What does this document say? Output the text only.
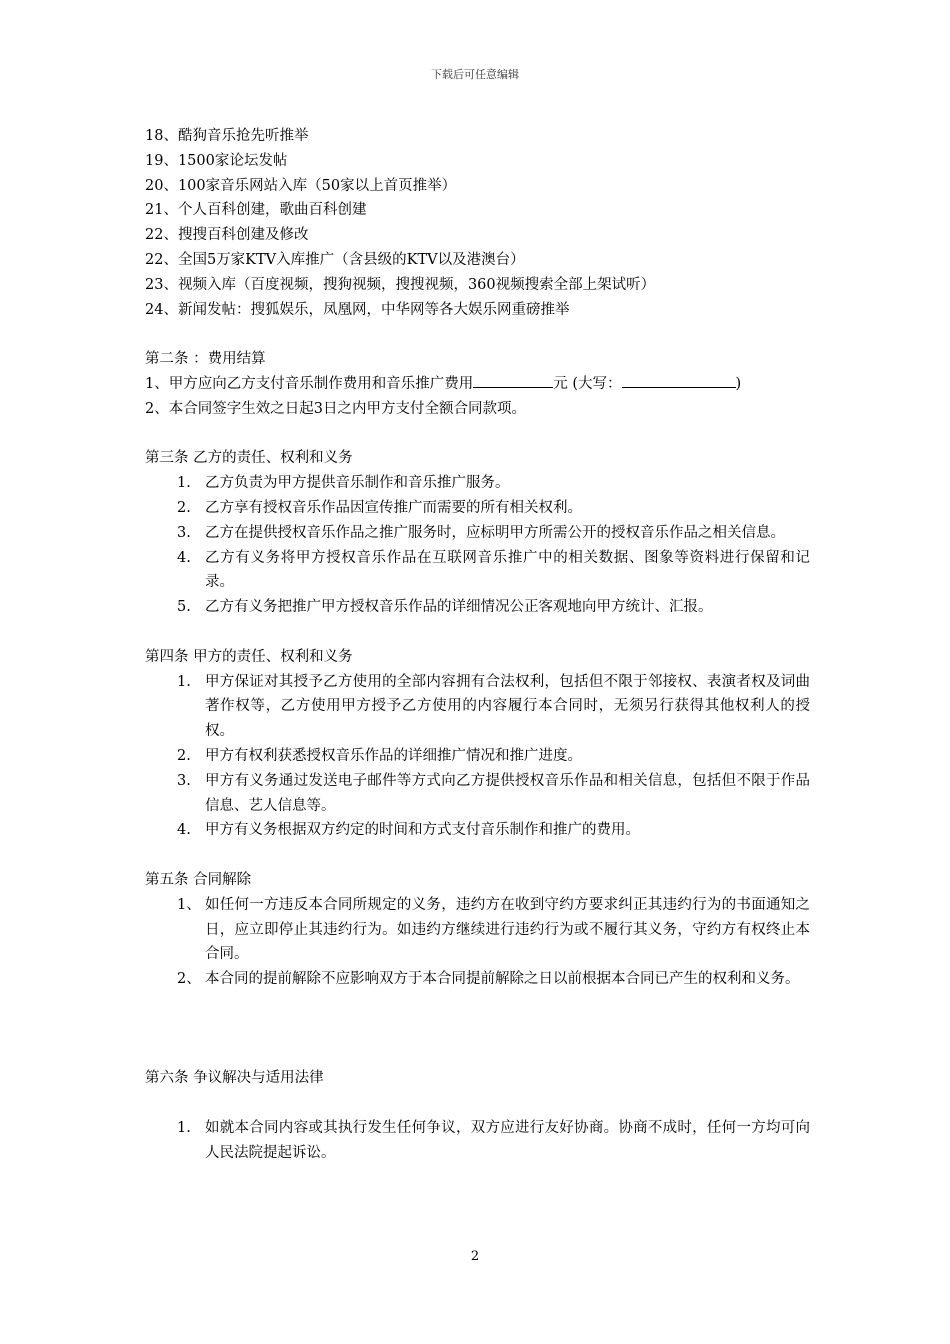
下载后可任意编辑
18、酷狗音乐抢先听推举
19、1500家论坛发帖
20、100家音乐网站入库（50家以上首页推举）
21、个人百科创建，歌曲百科创建
22、搜搜百科创建及修改
22、全国5万家KTV入库推广（含县级的KTV以及港澳台）
23、视频入库（百度视频，搜狗视频，搜搜视频，360视频搜索全部上架试听）
24、新闻发帖：搜狐娱乐，凤凰网，中华网等各大娱乐网重磅推举
第二条 ：费用结算
1、甲方应向乙方支付音乐制作费用和音乐推广费用	元 (大写：	)
2、本合同签字生效之日起3日之内甲方支付全额合同款项。
第三条 乙方的责任、权利和义务
1. 乙方负责为甲方提供音乐制作和音乐推广服务。
2. 乙方享有授权音乐作品因宣传推广而需要的所有相关权利。
3. 乙方在提供授权音乐作品之推广服务时，应标明甲方所需公开的授权音乐作品之相关信息。
4. 乙方有义务将甲方授权音乐作品在互联网音乐推广中的相关数据、图象等资料进行保留和记录。
5. 乙方有义务把推广甲方授权音乐作品的详细情况公正客观地向甲方统计、汇报。
第四条 甲方的责任、权利和义务
1. 甲方保证对其授予乙方使用的全部内容拥有合法权利，包括但不限于邻接权、表演者权及词曲著作权等，乙方使用甲方授予乙方使用的内容履行本合同时，无须另行获得其他权利人的授权。
2. 甲方有权利获悉授权音乐作品的详细推广情况和推广进度。
3. 甲方有义务通过发送电子邮件等方式向乙方提供授权音乐作品和相关信息，包括但不限于作品信息、艺人信息等。
4. 甲方有义务根据双方约定的时间和方式支付音乐制作和推广的费用。
第五条 合同解除
1、 如任何一方违反本合同所规定的义务，违约方在收到守约方要求纠正其违约行为的书面通知之日，应立即停止其违约行为。如违约方继续进行违约行为或不履行其义务，守约方有权终止本合同。
2、 本合同的提前解除不应影响双方于本合同提前解除之日以前根据本合同已产生的权利和义务。
第六条 争议解决与适用法律
1. 如就本合同内容或其执行发生任何争议，双方应进行友好协商。协商不成时，任何一方均可向人民法院提起诉讼。
2
